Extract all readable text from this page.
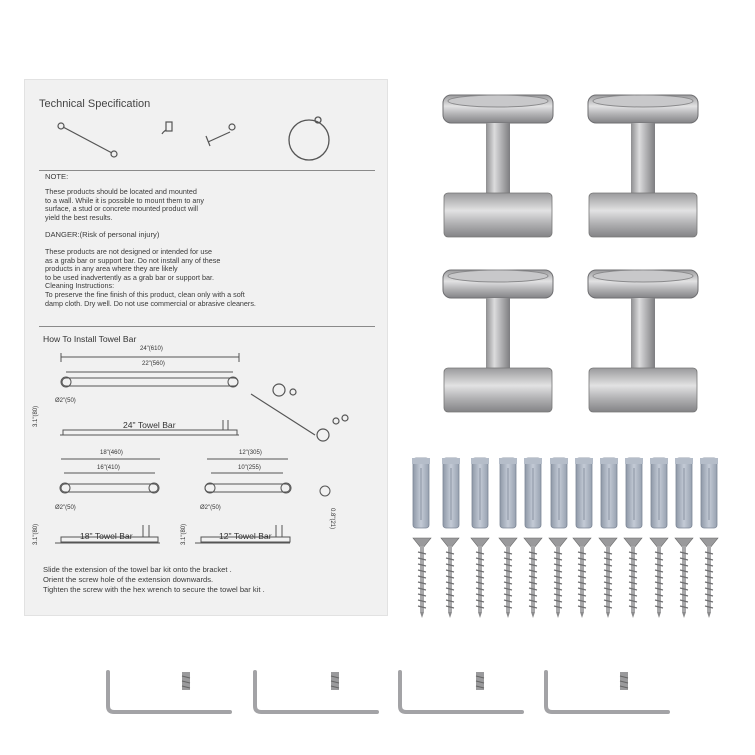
Technical Specification
NOTE:
These products should be located and mounted
to a wall. While it is possible to mount them to any
surface, a stud or concrete mounted product will
yield the best results.
DANGER:(Risk of personal injury)
These products are not designed or intended for use
as a grab bar or support bar. Do not install any of these
products in any area where they are likely
to be used inadvertently as a grab bar or support bar.
Cleaning Instructions:
To preserve the fine finish of this product, clean only with a soft
damp cloth. Dry well. Do not use commercial or abrasive cleaners.
How To Install Towel Bar
24"(610)
22"(560)
Ø2"(50)
3.1"(80)	24" Towel Bar
18"(460)
16"(410)
12"(305)
10"(255)
0.8"(21)
Ø2"(50)	Ø2"(50)
3.1"(80)	3.1"(80)
18" Towel Bar	12" Towel Bar
Slide the extension of the towel bar kit onto the bracket .
Orient the screw hole of the extension downwards.
Tighten the screw with the hex wrench to secure the towel bar kit .
